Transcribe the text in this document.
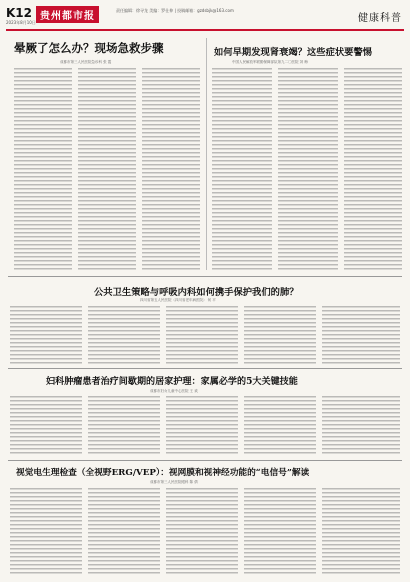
K12 贵州都市报
2023年8月10日
责任编辑：徐寻龙 美编：罗仕伸 | 投稿邮箱：gzdsbjk@163.com
健康科普
晕厥了怎么办？现场急救步骤
成都市第三人民医院急诊科 张 霞
如何早期发现肾衰竭？这些症状要警惕
中国人民解放军联勤保障部队第九二〇医院 刘 梅
公共卫生策略与呼吸内科如何携手保护我们的肺？
四川省第五人民医院（四川省老年病医院） 何 平
妇科肿瘤患者治疗间歇期的居家护理：家属必学的5大关键技能
成都市妇女儿童中心医院 王 欢
视觉电生理检查（全视野ERG/VEP）：视网膜和视神经功能的“电信号”解读
成都市第三人民医院眼科 陈 倩
